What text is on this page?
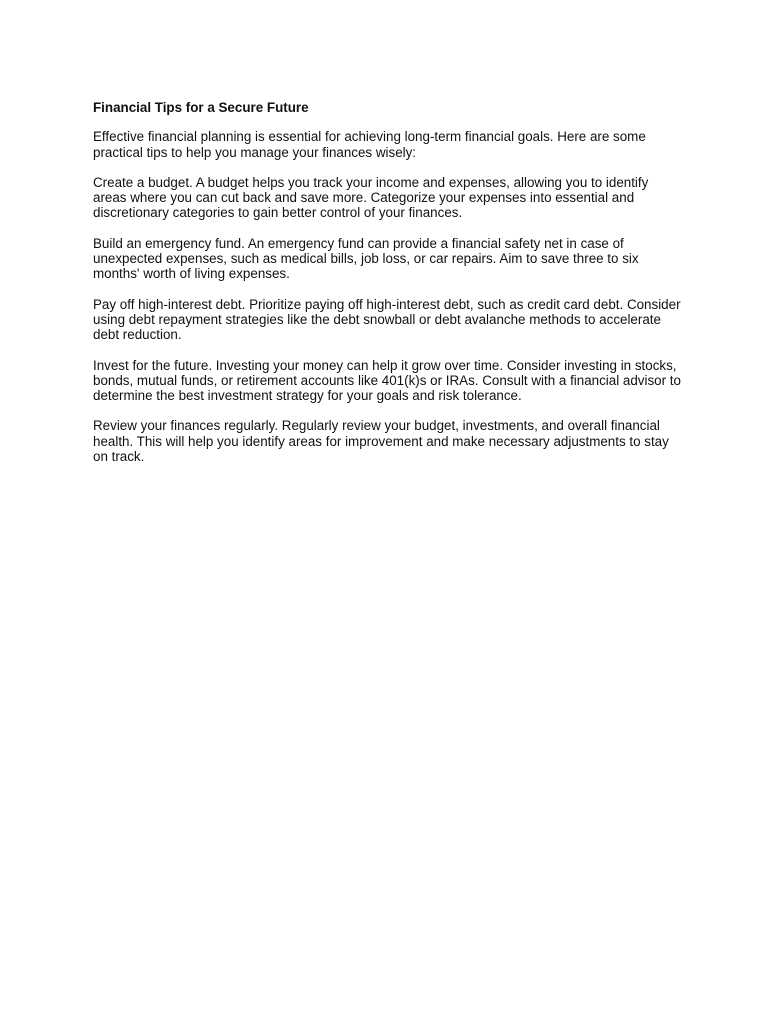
Financial Tips for a Secure Future

Effective financial planning is essential for achieving long-term financial goals. Here are some practical tips to help you manage your finances wisely:

Create a budget. A budget helps you track your income and expenses, allowing you to identify areas where you can cut back and save more. Categorize your expenses into essential and discretionary categories to gain better control of your finances.

Build an emergency fund. An emergency fund can provide a financial safety net in case of unexpected expenses, such as medical bills, job loss, or car repairs. Aim to save three to six months' worth of living expenses.

Pay off high-interest debt. Prioritize paying off high-interest debt, such as credit card debt. Consider using debt repayment strategies like the debt snowball or debt avalanche methods to accelerate debt reduction.

Invest for the future. Investing your money can help it grow over time. Consider investing in stocks, bonds, mutual funds, or retirement accounts like 401(k)s or IRAs. Consult with a financial advisor to determine the best investment strategy for your goals and risk tolerance.

Review your finances regularly. Regularly review your budget, investments, and overall financial health. This will help you identify areas for improvement and make necessary adjustments to stay on track.
